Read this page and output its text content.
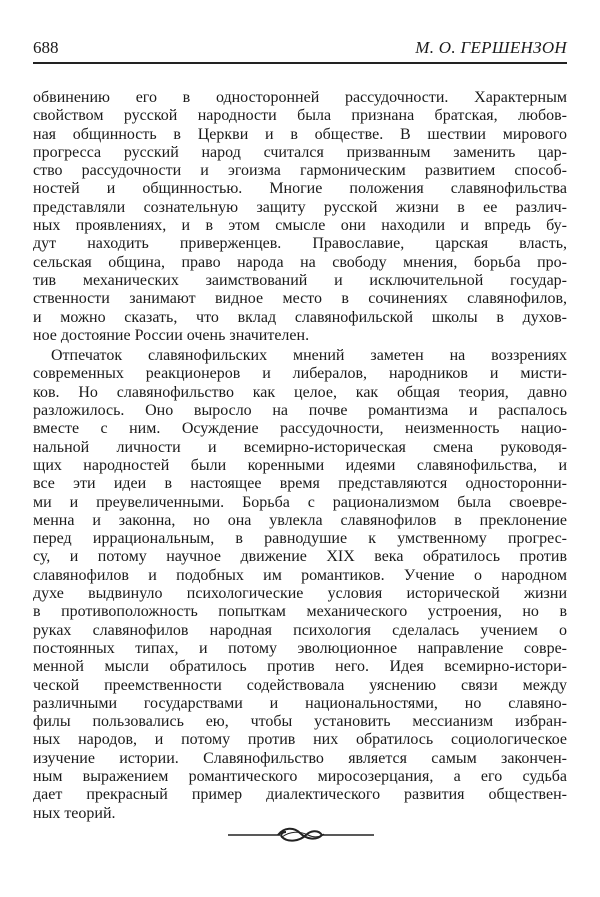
688	М. О. ГЕРШЕНЗОН
обвинению его в односторонней рассудочности. Характерным
свойством русской народности была признана братская, любов-
ная общинность в Церкви и в обществе. В шествии мирового
прогресса русский народ считался призванным заменить цар-
ство рассудочности и эгоизма гармоническим развитием способ-
ностей и общинностью. Многие положения славянофильства
представляли сознательную защиту русской жизни в ее различ-
ных проявлениях, и в этом смысле они находили и впредь бу-
дут находить приверженцев. Православие, царская власть,
сельская община, право народа на свободу мнения, борьба про-
тив механических заимствований и исключительной государ-
ственности занимают видное место в сочинениях славянофилов,
и можно сказать, что вклад славянофильской школы в духов-
ное достояние России очень значителен.
Отпечаток славянофильских мнений заметен на воззрениях
современных реакционеров и либералов, народников и мисти-
ков. Но славянофильство как целое, как общая теория, давно
разложилось. Оно выросло на почве романтизма и распалось
вместе с ним. Осуждение рассудочности, неизменность нацио-
нальной личности и всемирно-историческая смена руководя-
щих народностей были коренными идеями славянофильства, и
все эти идеи в настоящее время представляются односторонни-
ми и преувеличенными. Борьба с рационализмом была своевре-
менна и законна, но она увлекла славянофилов в преклонение
перед иррациональным, в равнодушие к умственному прогрес-
су, и потому научное движение XIX века обратилось против
славянофилов и подобных им романтиков. Учение о народном
духе выдвинуло психологические условия исторической жизни
в противоположность попыткам механического устроения, но в
руках славянофилов народная психология сделалась учением о
постоянных типах, и потому эволюционное направление совре-
менной мысли обратилось против него. Идея всемирно-истори-
ческой преемственности содействовала уяснению связи между
различными государствами и национальностями, но славяно-
филы пользовались ею, чтобы установить мессианизм избран-
ных народов, и потому против них обратилось социологическое
изучение истории. Славянофильство является самым закончен-
ным выражением романтического миросозерцания, а его судьба
дает прекрасный пример диалектического развития обществен-
ных теорий.
